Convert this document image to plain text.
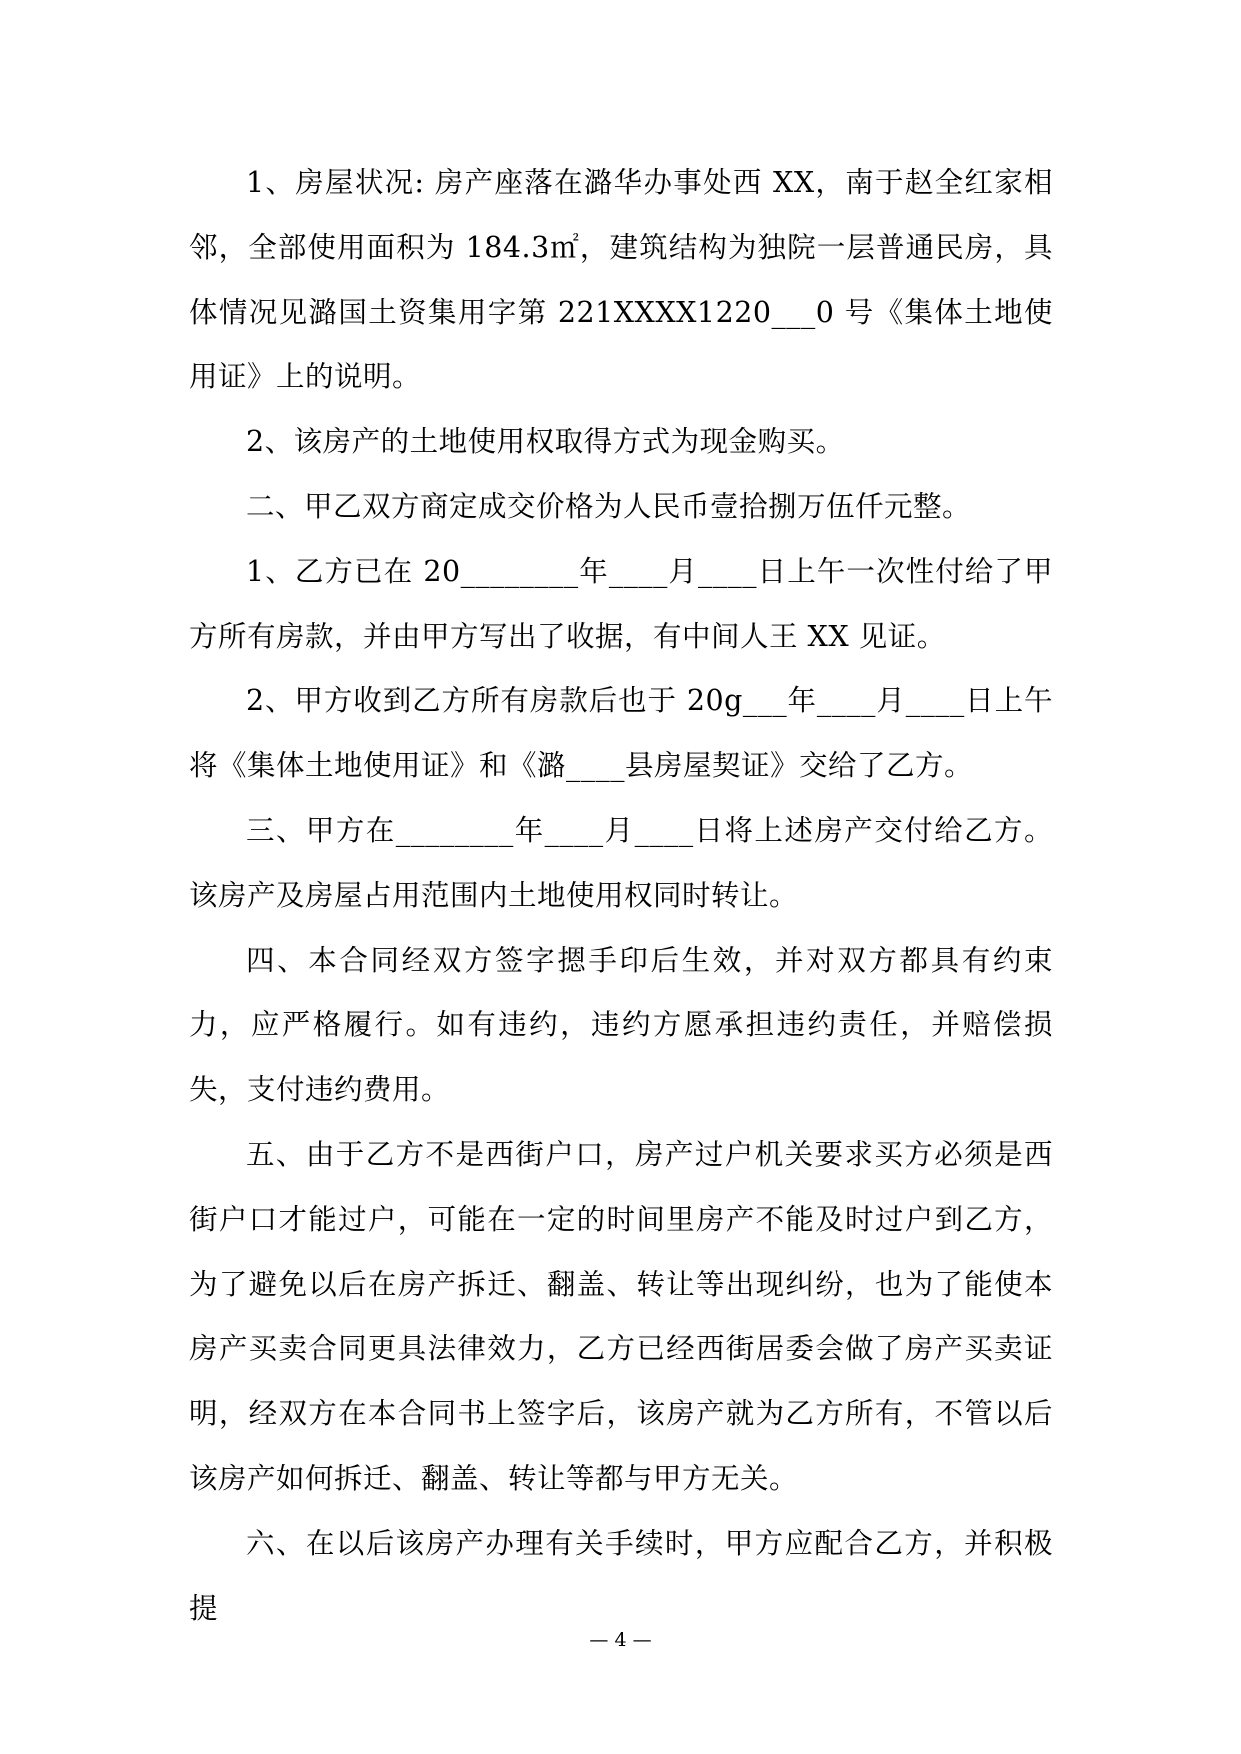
1、房屋状况: 房产座落在潞华办事处西 XX，南于赵全红家相邻，全部使用面积为 184.3㎡，建筑结构为独院一层普通民房，具体情况见潞国土资集用字第 221XXXX1220___0 号《集体土地使用证》上的说明。

2、该房产的土地使用权取得方式为现金购买。

二、甲乙双方商定成交价格为人民币壹拾捌万伍仟元整。

1、乙方已在 20________年____月____日上午一次性付给了甲方所有房款，并由甲方写出了收据，有中间人王 XX 见证。

2、甲方收到乙方所有房款后也于 20g___年____月____日上午将《集体土地使用证》和《潞____县房屋契证》交给了乙方。

三、甲方在________年____月____日将上述房产交付给乙方。该房产及房屋占用范围内土地使用权同时转让。

四、本合同经双方签字摁手印后生效，并对双方都具有约束力，应严格履行。如有违约，违约方愿承担违约责任，并赔偿损失，支付违约费用。

五、由于乙方不是西街户口，房产过户机关要求买方必须是西街户口才能过户，可能在一定的时间里房产不能及时过户到乙方，为了避免以后在房产拆迁、翻盖、转让等出现纠纷，也为了能使本房产买卖合同更具法律效力，乙方已经西街居委会做了房产买卖证明，经双方在本合同书上签字后，该房产就为乙方所有，不管以后该房产如何拆迁、翻盖、转让等都与甲方无关。

六、在以后该房产办理有关手续时，甲方应配合乙方，并积极提

— 4 —
